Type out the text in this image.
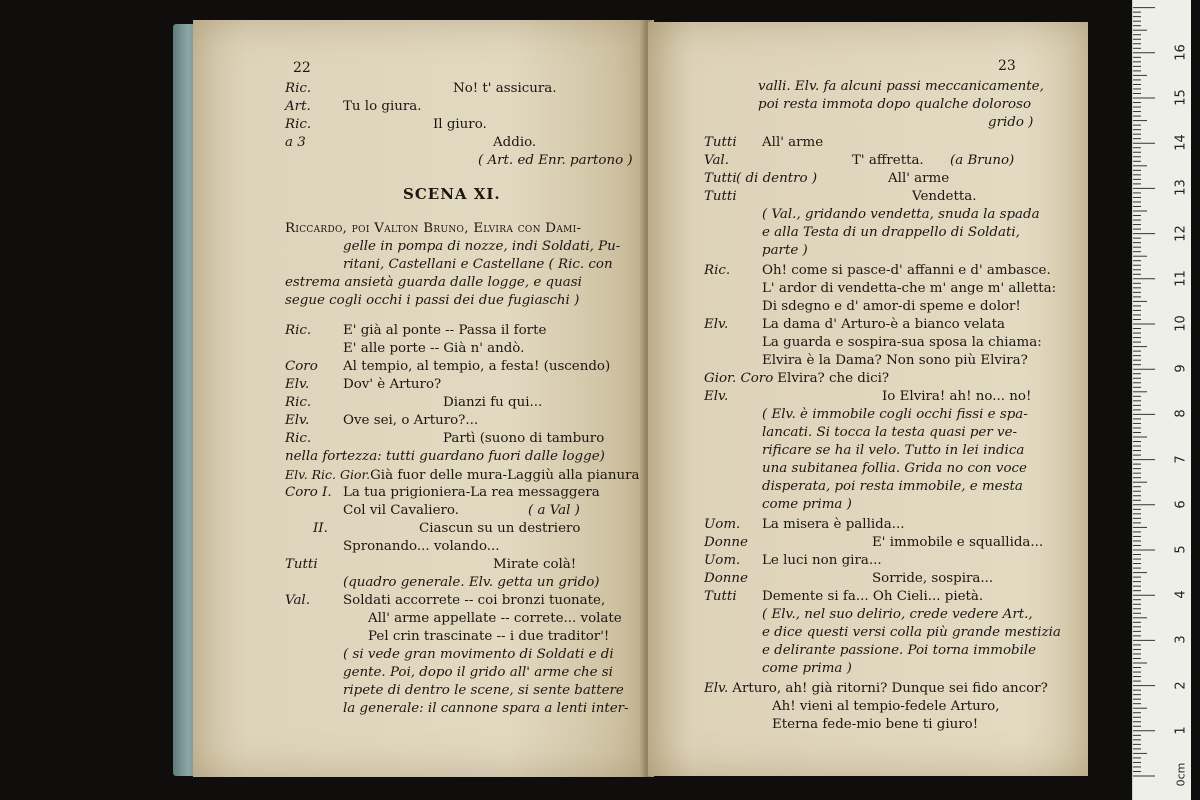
22
Ric.	No! t' assicura.
Art. Tu lo giura.
Ric.	Il giuro.
a 3	Addio.
( Art. ed Enr. partono )
SCENA XI.
Riccardo, poi Valton Bruno, Elvira con Dami-
gelle in pompa di nozze, indi Soldati, Pu-
ritani, Castellani e Castellane ( Ric. con
estrema ansietà guarda dalle logge, e quasi
segue cogli occhi i passi dei due fugiaschi )
Ric. E' già al ponte -- Passa il forte
E' alle porte -- Già n' andò.
Coro Al tempio, al tempio, a festa! (uscendo)
Elv.	Dov' è Arturo?
Ric.	Dianzi fu qui...
Elv.	Ove sei, o Arturo?...
Ric.	Partì (suono di tamburo
nella fortezza: tutti guardano fuori dalle logge)
Elv. Ric. Gior.Già fuor delle mura-Laggiù alla pianura
Coro I. La tua prigioniera-La rea messaggera
Col vil Cavaliero.	( a Val )
II.	Ciascun su un destriero
Spronando... volando...
Tutti	Mirate colà!
(quadro generale. Elv. getta un grido)
Val. Soldati accorrete -- coi bronzi tuonate,
All' arme appellate -- correte... volate
Pel crin trascinate -- i due traditor'!
( si vede gran movimento di Soldati e di
gente. Poi, dopo il grido all' arme che si
ripete di dentro le scene, si sente battere
la generale: il cannone spara a lenti inter-
23
valli. Elv. fa alcuni passi meccanicamente,
poi resta immota dopo qualche doloroso
grido )
Tutti All' arme
Val.	T' affretta. (a Bruno)
Tutti( di dentro )	All' arme
Tutti	Vendetta.
( Val., gridando vendetta, snuda la spada
e alla Testa di un drappello di Soldati,
parte )
Ric. Oh! come si pasce-d' affanni e d' ambasce.
L' ardor di vendetta-che m' ange m' alletta:
Di sdegno e d' amor-di speme e dolor!
Elv.	La dama d' Arturo-è a bianco velata
La guarda e sospira-sua sposa la chiama:
Elvira è la Dama? Non sono più Elvira?
Gior. Coro Elvira? che dici?
Elv.	Io Elvira! ah! no... no!
( Elv. è immobile cogli occhi fissi e spa-
lancati. Si tocca la testa quasi per ve-
rificare se ha il velo. Tutto in lei indica
una subitanea follia. Grida no con voce
disperata, poi resta immobile, e mesta
come prima )
Uom. La misera è pallida...
Donne	E' immobile e squallida...
Uom. Le luci non gira...
Donne	Sorride, sospira...
Tutti Demente si fa... Oh Cieli... pietà.
( Elv., nel suo delirio, crede vedere Art.,
e dice questi versi colla più grande mestizia
e delirante passione. Poi torna immobile
come prima )
Elv. Arturo, ah! già ritorni? Dunque sei fido ancor?
Ah! vieni al tempio-fedele Arturo,
Eterna fede-mio bene ti giuro!
0cm
1
2
3
4
5
6
7
8
9
10
11
12
13
14
15
16
